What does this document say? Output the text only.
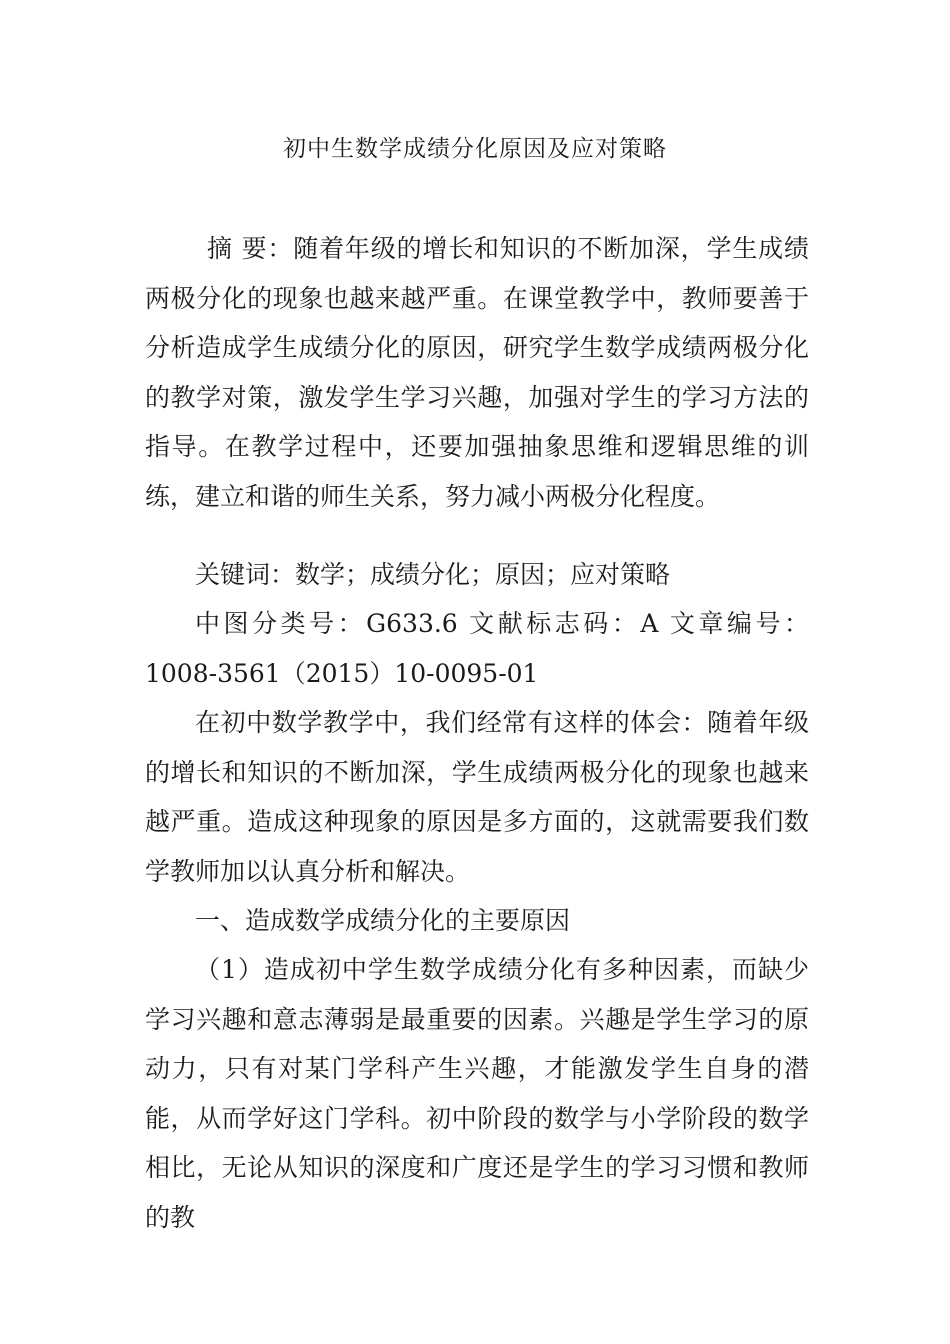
初中生数学成绩分化原因及应对策略

摘 要：随着年级的增长和知识的不断加深，学生成绩两极分化的现象也越来越严重。在课堂教学中，教师要善于分析造成学生成绩分化的原因，研究学生数学成绩两极分化的教学对策，激发学生学习兴趣，加强对学生的学习方法的指导。在教学过程中，还要加强抽象思维和逻辑思维的训练，建立和谐的师生关系，努力减小两极分化程度。

关键词：数学；成绩分化；原因；应对策略

中图分类号：G633.6 文献标志码：A 文章编号：1008-3561（2015）10-0095-01

在初中数学教学中，我们经常有这样的体会：随着年级的增长和知识的不断加深，学生成绩两极分化的现象也越来越严重。造成这种现象的原因是多方面的，这就需要我们数学教师加以认真分析和解决。

一、造成数学成绩分化的主要原因

（1）造成初中学生数学成绩分化有多种因素，而缺少学习兴趣和意志薄弱是最重要的因素。兴趣是学生学习的原动力，只有对某门学科产生兴趣，才能激发学生自身的潜能，从而学好这门学科。初中阶段的数学与小学阶段的数学相比，无论从知识的深度和广度还是学生的学习习惯和教师的教
